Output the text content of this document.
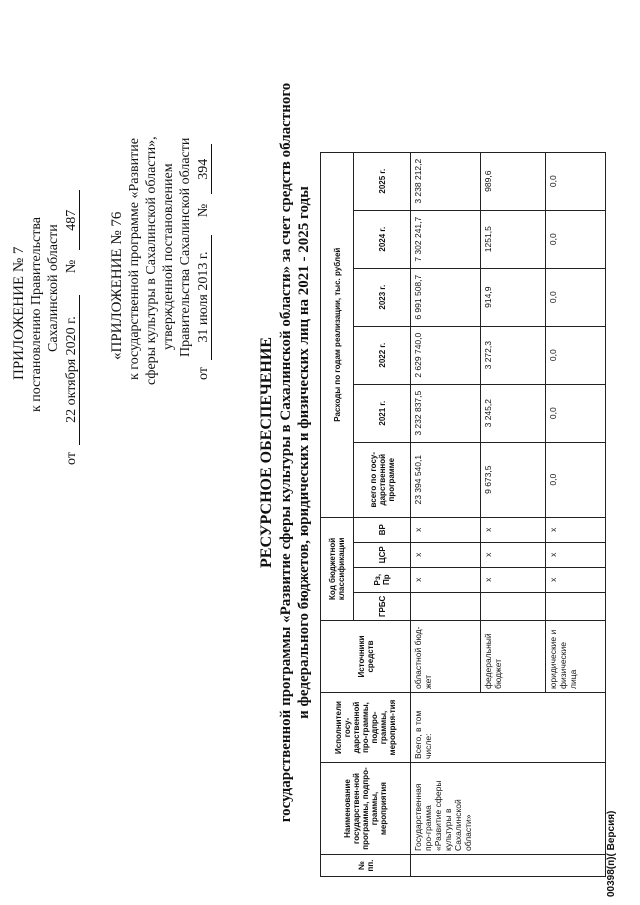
ПРИЛОЖЕНИЕ № 7 к постановлению Правительства Сахалинской области
от 22 октября 2020 г. № 487 «ПРИЛОЖЕНИЕ № 76 к государственной программе «Развитие сферы культуры в Сахалинской области», утвержденной постановлением Правительства Сахалинской области
от 31 июля 2013 г. № 394
РЕСУРСНОЕ ОБЕСПЕЧЕНИЕ государственной программы «Развитие сферы культуры в Сахалинской области» за счет средств областного и федерального бюджетов, юридических и физических лиц на 2021 - 2025 годы
№ пп.	Наименование государствен-ной программы, подпро-граммы, мероприятия	Исполнители госу-дарственной про-граммы, подпро-граммы, мероприя-тия	Источники средств	Код бюджетной классификации				Расходы по годам реализации, тыс. рублей					
				ГРБС	Рз, Пр	ЦСР	ВР	всего по госу-дарственной программе	2021 г.	2022 г.	2023 г.	2024 г.	2025 г.
	Государственная про-грамма «Развитие сферы культуры в Сахалинской области»	Всего, в том числе:	областной бюд-жет		x	x	x	23 394 540,1	3 232 837,5	2 629 740,0	6 991 508,7	7 302 241,7	3 238 212,2
			федеральный бюджет		x	x	x	9 673,5	3 245,2	3 272,3	914,9	1251,5	989,6
			юридические и физические лица		x	x	x	0,0	0,0	0,0	0,0	0,0	0,0
00398(п)( Версия)
